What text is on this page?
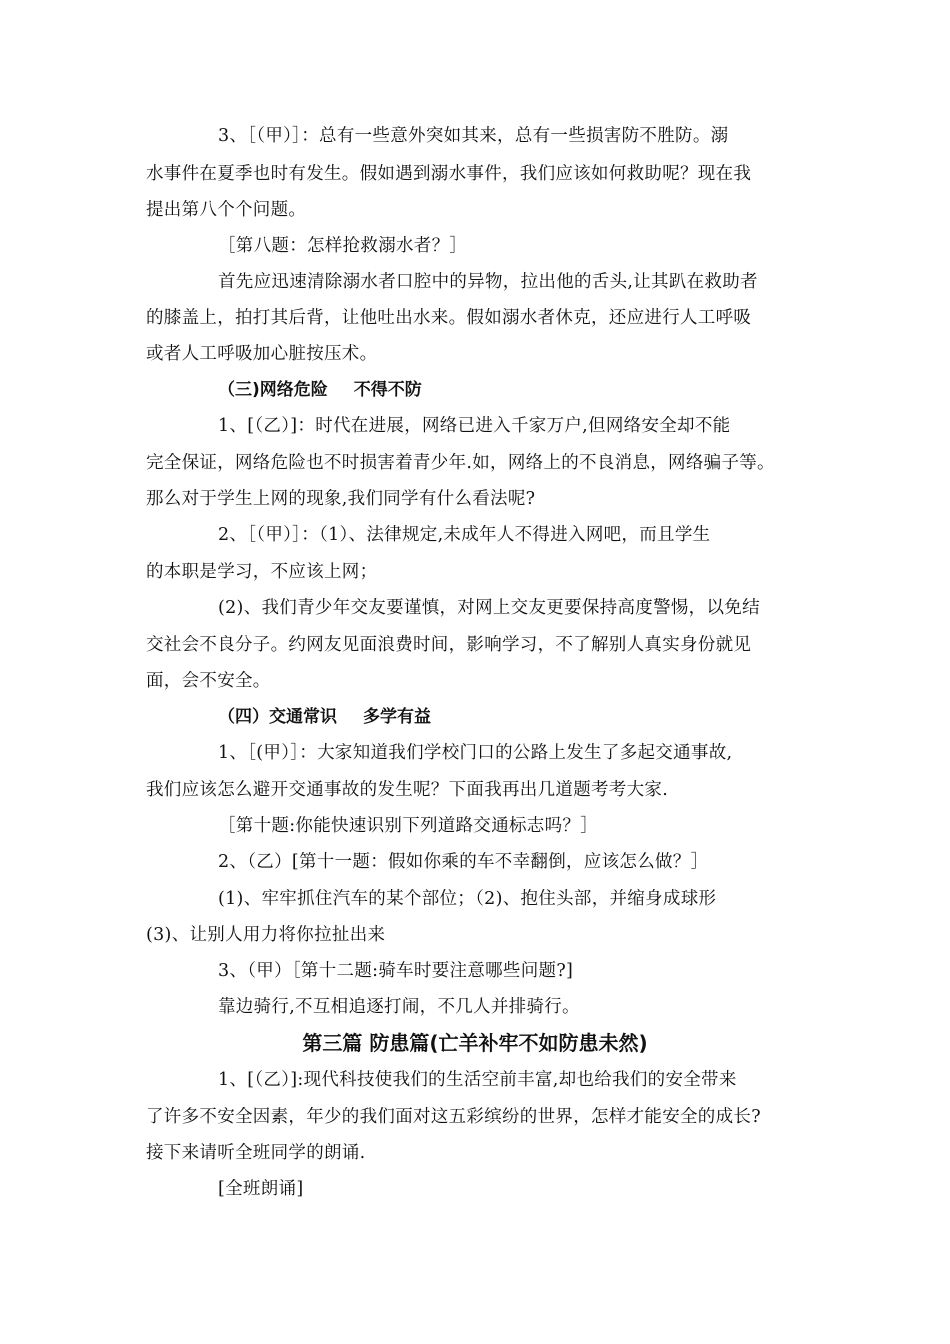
3、［（甲）］：总有一些意外突如其来，总有一些损害防不胜防。溺
水事件在夏季也时有发生。假如遇到溺水事件，我们应该如何救助呢？现在我
提出第八个个问题。
［第八题：怎样抢救溺水者？］
首先应迅速清除溺水者口腔中的异物，拉出他的舌头,让其趴在救助者
的膝盖上，拍打其后背，让他吐出水来。假如溺水者休克，还应进行人工呼吸
或者人工呼吸加心脏按压术。
（三)网络危险 不得不防
1、[（乙）]：时代在进展，网络已进入千家万户,但网络安全却不能
完全保证，网络危险也不时损害着青少年.如，网络上的不良消息，网络骗子等。
那么对于学生上网的现象,我们同学有什么看法呢?
2、［（甲）］：（1）、法律规定,未成年人不得进入网吧，而且学生
的本职是学习，不应该上网；
(2)、我们青少年交友要谨慎，对网上交友更要保持高度警惕，以免结
交社会不良分子。约网友见面浪费时间，影响学习，不了解别人真实身份就见
面，会不安全。
（四）交通常识 多学有益
1、［(甲）］：大家知道我们学校门口的公路上发生了多起交通事故,
我们应该怎么避开交通事故的发生呢？下面我再出几道题考考大家.
［第十题:你能快速识别下列道路交通标志吗？］
2、（乙）[第十一题：假如你乘的车不幸翻倒，应该怎么做？］
(1)、牢牢抓住汽车的某个部位；（2)、抱住头部，并缩身成球形
(3)、让别人用力将你拉扯出来
3、（甲）［第十二题:骑车时要注意哪些问题?]
靠边骑行,不互相追逐打闹，不几人并排骑行。
第三篇 防患篇(亡羊补牢不如防患未然)
1、[（乙）]:现代科技使我们的生活空前丰富,却也给我们的安全带来
了许多不安全因素，年少的我们面对这五彩缤纷的世界，怎样才能安全的成长?
接下来请听全班同学的朗诵.
[全班朗诵]
